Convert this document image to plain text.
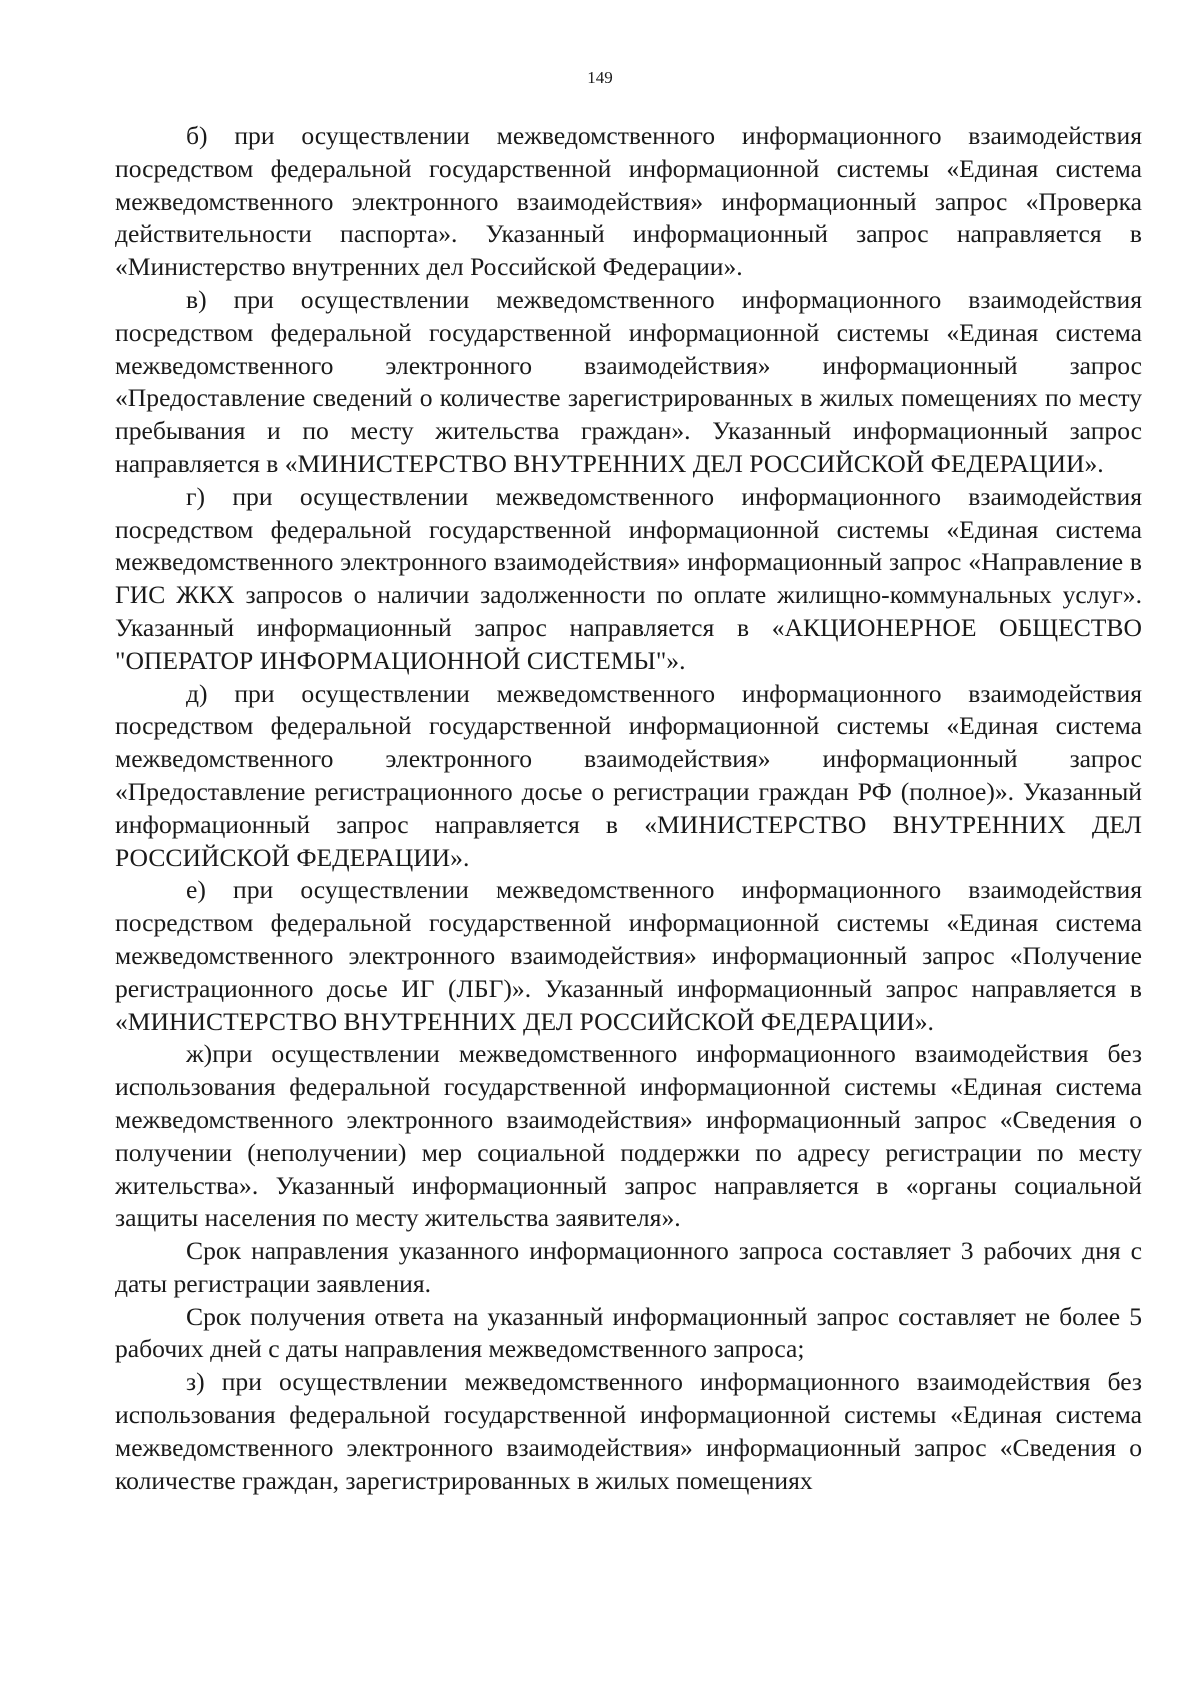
149

б) при осуществлении межведомственного информационного взаимодействия посредством федеральной государственной информационной системы «Единая система межведомственного электронного взаимодействия» информационный запрос «Проверка действительности паспорта». Указанный информационный запрос направляется в «Министерство внутренних дел Российской Федерации».

в) при осуществлении межведомственного информационного взаимодействия посредством федеральной государственной информационной системы «Единая система межведомственного электронного взаимодействия» информационный запрос «Предоставление сведений о количестве зарегистрированных в жилых помещениях по месту пребывания и по месту жительства граждан». Указанный информационный запрос направляется в «МИНИСТЕРСТВО ВНУТРЕННИХ ДЕЛ РОССИЙСКОЙ ФЕДЕРАЦИИ».

г) при осуществлении межведомственного информационного взаимодействия посредством федеральной государственной информационной системы «Единая система межведомственного электронного взаимодействия» информационный запрос «Направление в ГИС ЖКХ запросов о наличии задолженности по оплате жилищно-коммунальных услуг». Указанный информационный запрос направляется в «АКЦИОНЕРНОЕ ОБЩЕСТВО "ОПЕРАТОР ИНФОРМАЦИОННОЙ СИСТЕМЫ"».

д) при осуществлении межведомственного информационного взаимодействия посредством федеральной государственной информационной системы «Единая система межведомственного электронного взаимодействия» информационный запрос «Предоставление регистрационного досье о регистрации граждан РФ (полное)». Указанный информационный запрос направляется в «МИНИСТЕРСТВО ВНУТРЕННИХ ДЕЛ РОССИЙСКОЙ ФЕДЕРАЦИИ».

е) при осуществлении межведомственного информационного взаимодействия посредством федеральной государственной информационной системы «Единая система межведомственного электронного взаимодействия» информационный запрос «Получение регистрационного досье ИГ (ЛБГ)». Указанный информационный запрос направляется в «МИНИСТЕРСТВО ВНУТРЕННИХ ДЕЛ РОССИЙСКОЙ ФЕДЕРАЦИИ».

ж)при осуществлении межведомственного информационного взаимодействия без использования федеральной государственной информационной системы «Единая система межведомственного электронного взаимодействия» информационный запрос «Сведения о получении (неполучении) мер социальной поддержки по адресу регистрации по месту жительства». Указанный информационный запрос направляется в «органы социальной защиты населения по месту жительства заявителя».

Срок направления указанного информационного запроса составляет 3 рабочих дня с даты регистрации заявления.

Срок получения ответа на указанный информационный запрос составляет не более 5 рабочих дней с даты направления межведомственного запроса;

з) при осуществлении межведомственного информационного взаимодействия без использования федеральной государственной информационной системы «Единая система межведомственного электронного взаимодействия» информационный запрос «Сведения о количестве граждан, зарегистрированных в жилых помещениях
